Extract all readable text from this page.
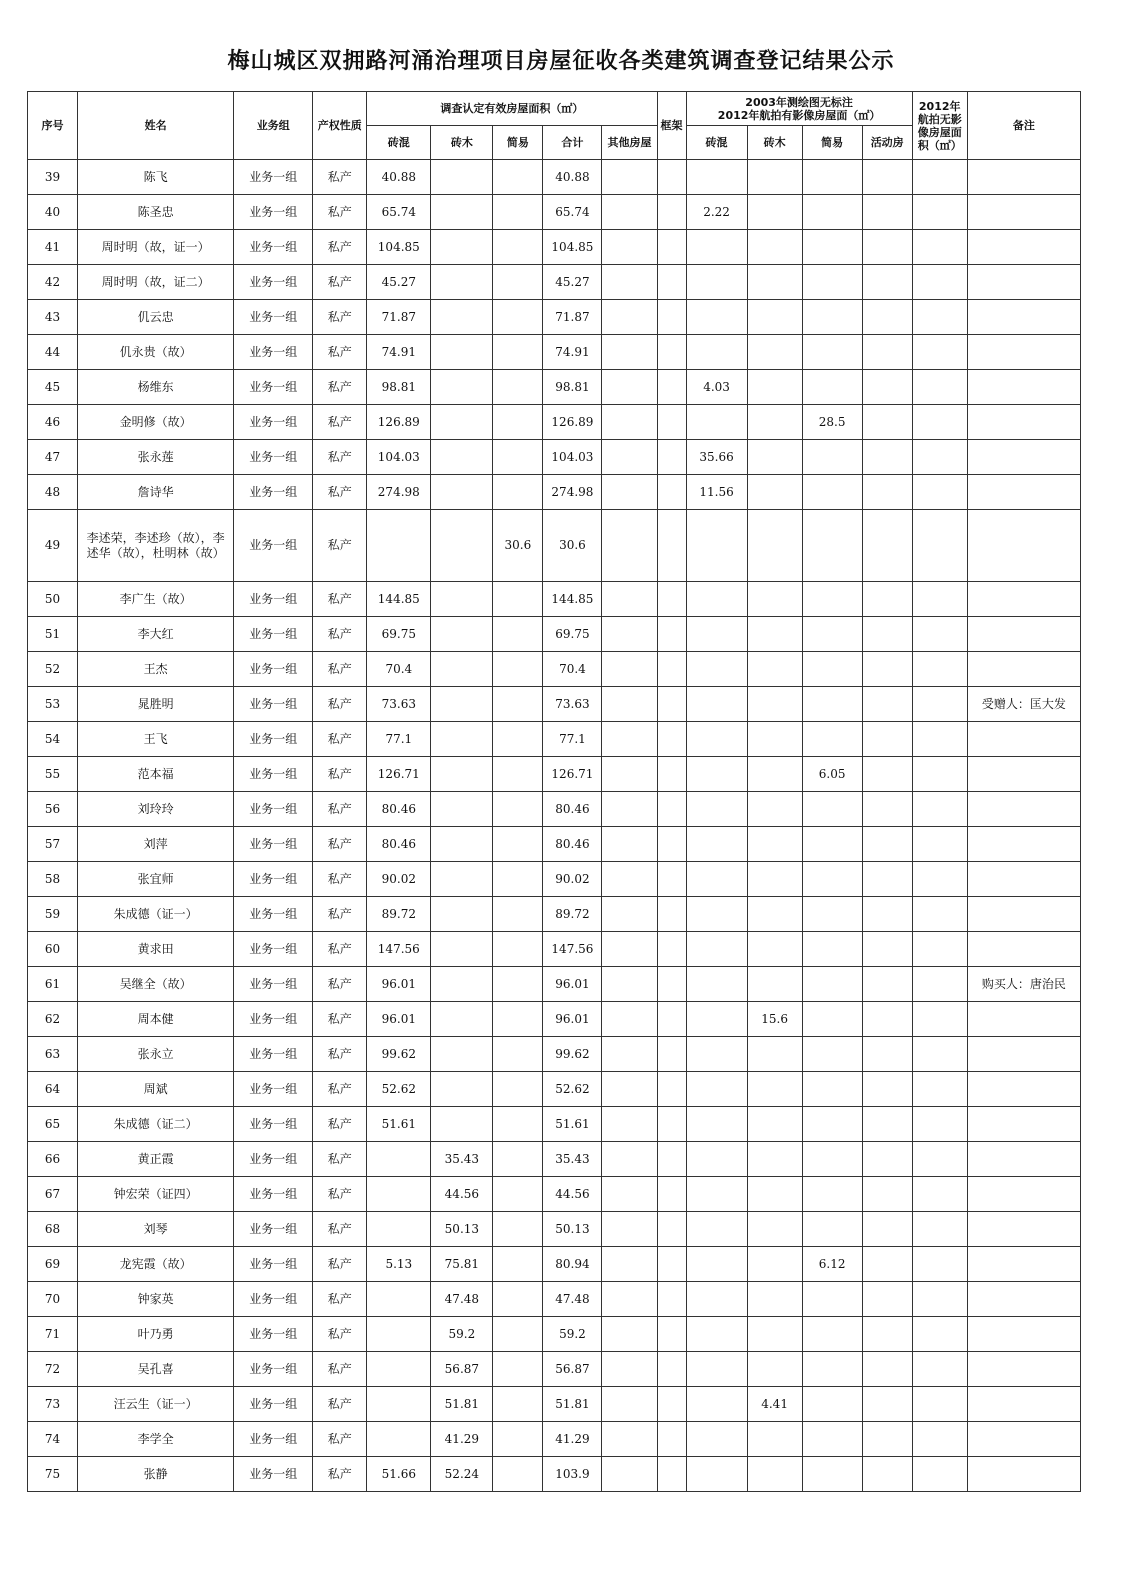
梅山城区双拥路河涌治理项目房屋征收各类建筑调查登记结果公示
序号	姓名	业务组	产权性质	调查认定有效房屋面积（㎡）					框架	2003年测绘图无标注
2012年航拍有影像房屋面（㎡）				2012年航拍无影像房屋面积（㎡）	备注
				砖混	砖木	简易	合计	其他房屋		砖混	砖木	简易	活动房		
39	陈飞	业务一组	私产	40.88			40.88								
40	陈圣忠	业务一组	私产	65.74			65.74			2.22					
41	周时明（故，证一）	业务一组	私产	104.85			104.85								
42	周时明（故，证二）	业务一组	私产	45.27			45.27								
43	仉云忠	业务一组	私产	71.87			71.87								
44	仉永贵（故）	业务一组	私产	74.91			74.91								
45	杨维东	业务一组	私产	98.81			98.81			4.03					
46	金明修（故）	业务一组	私产	126.89			126.89					28.5			
47	张永莲	业务一组	私产	104.03			104.03			35.66					
48	詹诗华	业务一组	私产	274.98			274.98			11.56					
49	李述荣，李述珍（故），李述华（故），杜明林（故）	业务一组	私产			30.6	30.6								
50	李广生（故）	业务一组	私产	144.85			144.85								
51	李大红	业务一组	私产	69.75			69.75								
52	王杰	业务一组	私产	70.4			70.4								
53	晁胜明	业务一组	私产	73.63			73.63								受赠人：匡大发
54	王飞	业务一组	私产	77.1			77.1								
55	范本福	业务一组	私产	126.71			126.71					6.05			
56	刘玲玲	业务一组	私产	80.46			80.46								
57	刘萍	业务一组	私产	80.46			80.46								
58	张宜师	业务一组	私产	90.02			90.02								
59	朱成德（证一）	业务一组	私产	89.72			89.72								
60	黄求田	业务一组	私产	147.56			147.56								
61	吴继全（故）	业务一组	私产	96.01			96.01								购买人：唐治民
62	周本健	业务一组	私产	96.01			96.01				15.6				
63	张永立	业务一组	私产	99.62			99.62								
64	周斌	业务一组	私产	52.62			52.62								
65	朱成德（证二）	业务一组	私产	51.61			51.61								
66	黄正霞	业务一组	私产		35.43		35.43								
67	钟宏荣（证四）	业务一组	私产		44.56		44.56								
68	刘琴	业务一组	私产		50.13		50.13								
69	龙宪霞（故）	业务一组	私产	5.13	75.81		80.94					6.12			
70	钟家英	业务一组	私产		47.48		47.48								
71	叶乃勇	业务一组	私产		59.2		59.2								
72	吴孔喜	业务一组	私产		56.87		56.87								
73	汪云生（证一）	业务一组	私产		51.81		51.81				4.41				
74	李学全	业务一组	私产		41.29		41.29								
75	张静	业务一组	私产	51.66	52.24		103.9								
